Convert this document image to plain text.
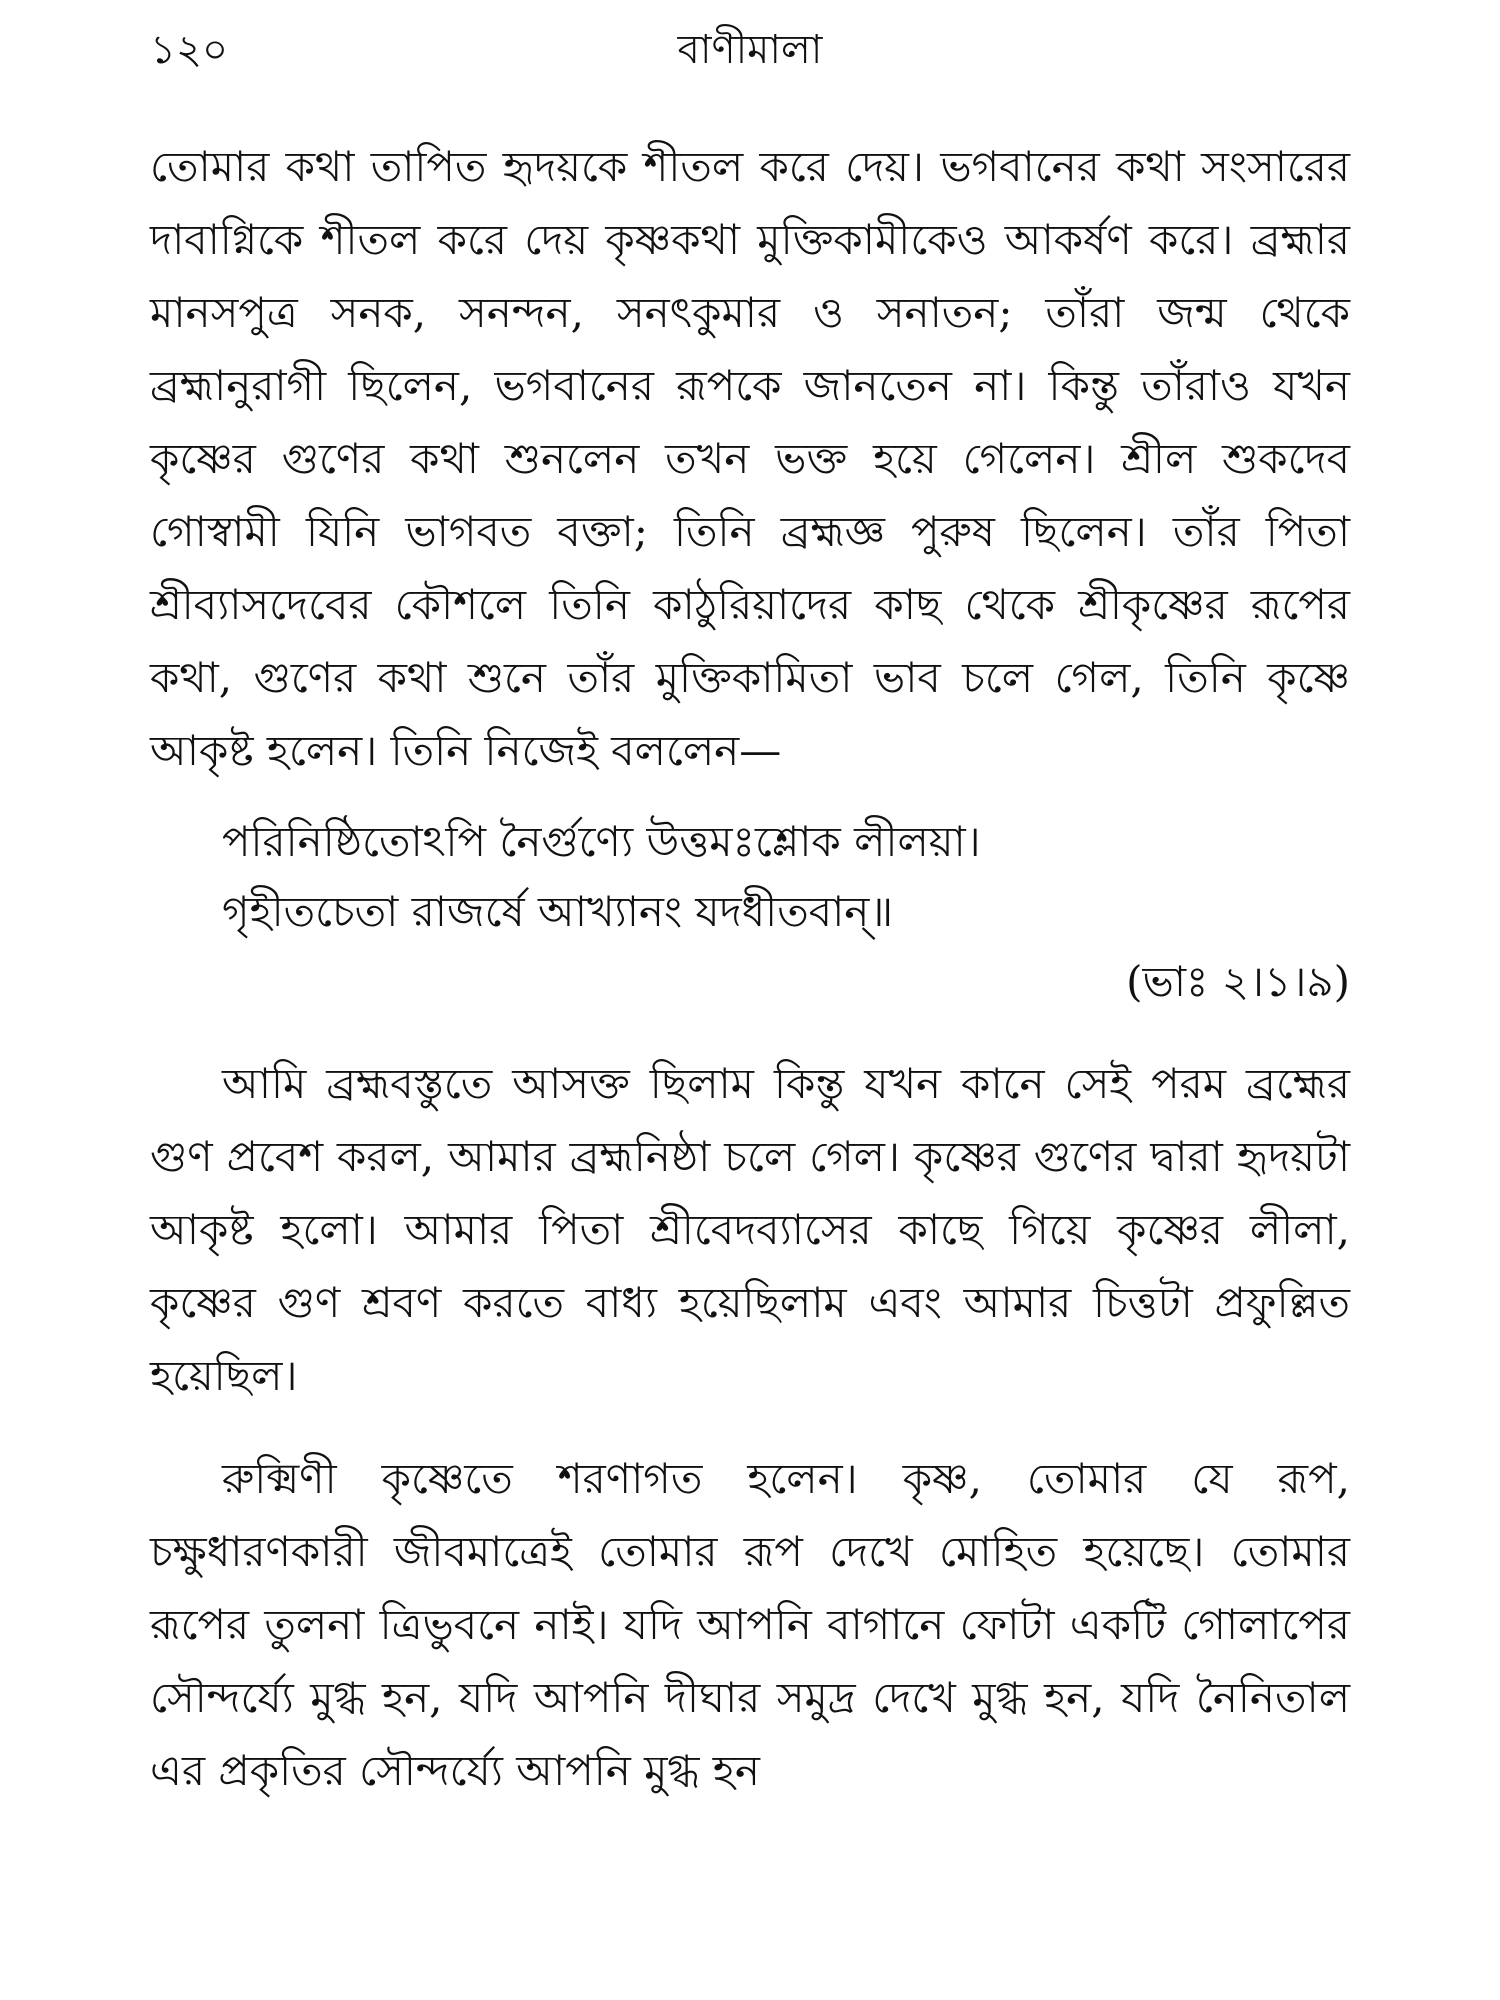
১২০	বাণীমালা

তোমার কথা তাপিত হৃদয়কে শীতল করে দেয়। ভগবানের কথা সংসারের দাবাগ্নিকে শীতল করে দেয় কৃষ্ণকথা মুক্তিকামীকেও আকর্ষণ করে। ব্রহ্মার মানসপুত্র সনক, সনন্দন, সনৎকুমার ও সনাতন; তাঁরা জন্ম থেকে ব্রহ্মানুরাগী ছিলেন, ভগবানের রূপকে জানতেন না। কিন্তু তাঁরাও যখন কৃষ্ণের গুণের কথা শুনলেন তখন ভক্ত হয়ে গেলেন। শ্রীল শুকদেব গোস্বামী যিনি ভাগবত বক্তা; তিনি ব্রহ্মজ্ঞ পুরুষ ছিলেন। তাঁর পিতা শ্রীব্যাসদেবের কৌশলে তিনি কাঠুরিয়াদের কাছ থেকে শ্রীকৃষ্ণের রূপের কথা, গুণের কথা শুনে তাঁর মুক্তিকামিতা ভাব চলে গেল, তিনি কৃষ্ণে আকৃষ্ট হলেন। তিনি নিজেই বললেন—

পরিনিষ্ঠিতোঽপি নৈর্গুণ্যে উত্তমঃশ্লোক লীলয়া।
গৃহীতচেতা রাজর্ষে আখ্যানং যদধীতবান্॥

(ভাঃ ২।১।৯)

আমি ব্রহ্মবস্তুতে আসক্ত ছিলাম কিন্তু যখন কানে সেই পরম ব্রহ্মের গুণ প্রবেশ করল, আমার ব্রহ্মনিষ্ঠা চলে গেল। কৃষ্ণের গুণের দ্বারা হৃদয়টা আকৃষ্ট হলো। আমার পিতা শ্রীবেদব্যাসের কাছে গিয়ে কৃষ্ণের লীলা, কৃষ্ণের গুণ শ্রবণ করতে বাধ্য হয়েছিলাম এবং আমার চিত্তটা প্রফুল্লিত হয়েছিল।

রুক্মিণী কৃষ্ণেতে শরণাগত হলেন। কৃষ্ণ, তোমার যে রূপ, চক্ষুধারণকারী জীবমাত্রেই তোমার রূপ দেখে মোহিত হয়েছে। তোমার রূপের তুলনা ত্রিভুবনে নাই। যদি আপনি বাগানে ফোটা একটি গোলাপের সৌন্দর্য্যে মুগ্ধ হন, যদি আপনি দীঘার সমুদ্র দেখে মুগ্ধ হন, যদি নৈনিতাল এর প্রকৃতির সৌন্দর্য্যে আপনি মুগ্ধ হন
